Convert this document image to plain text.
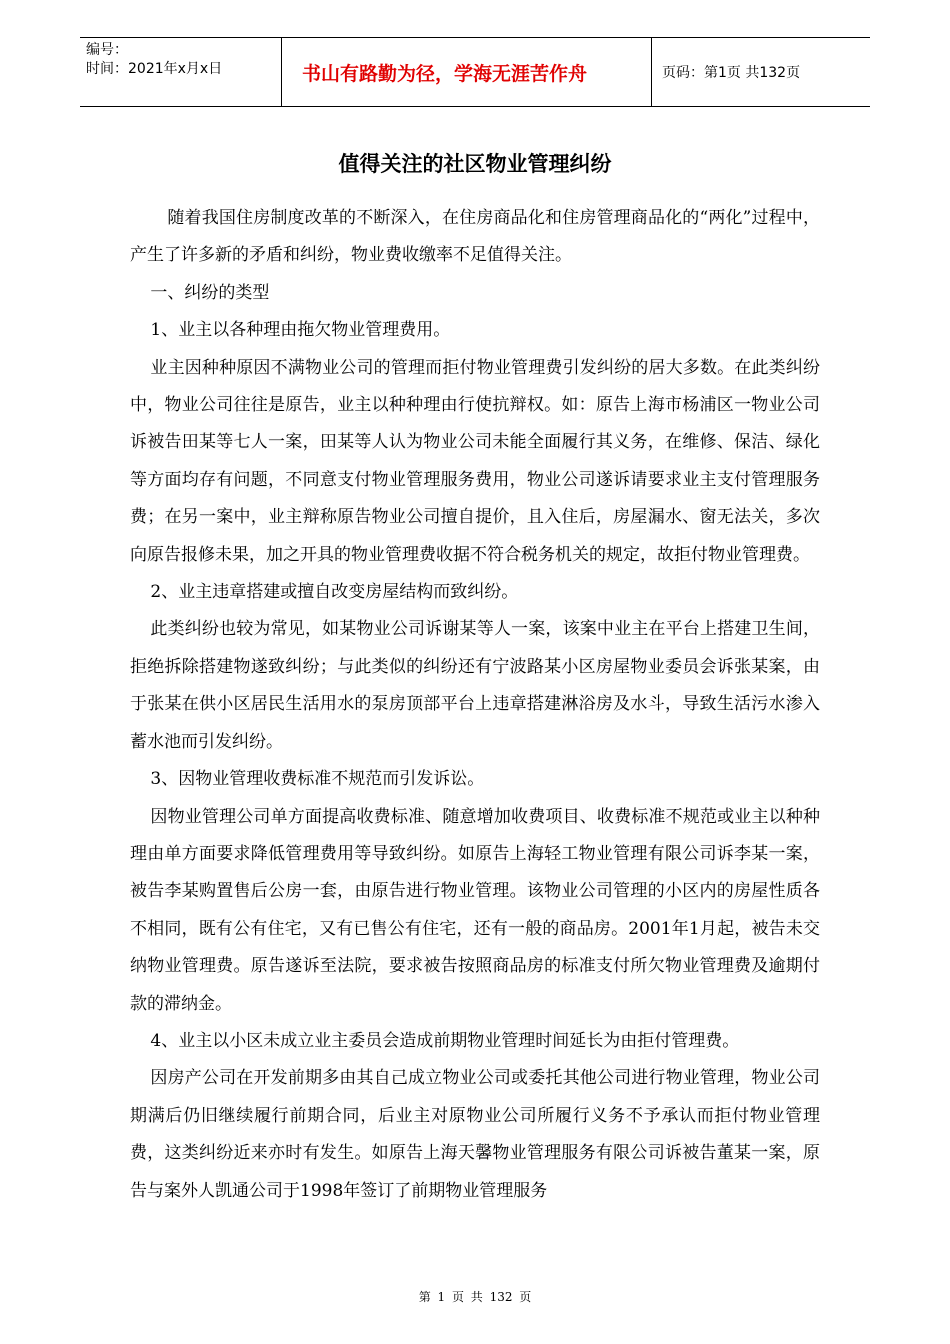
编号：
时间：2021年x月x日	书山有路勤为径，学海无涯苦作舟	页码：第1页 共132页
值得关注的社区物业管理纠纷

随着我国住房制度改革的不断深入，在住房商品化和住房管理商品化的“两化”过程中，产生了许多新的矛盾和纠纷，物业费收缴率不足值得关注。

一、纠纷的类型

1、业主以各种理由拖欠物业管理费用。

业主因种种原因不满物业公司的管理而拒付物业管理费引发纠纷的居大多数。在此类纠纷中，物业公司往往是原告，业主以种种理由行使抗辩权。如：原告上海市杨浦区一物业公司诉被告田某等七人一案，田某等人认为物业公司未能全面履行其义务，在维修、保洁、绿化等方面均存有问题，不同意支付物业管理服务费用，物业公司遂诉请要求业主支付管理服务费；在另一案中，业主辩称原告物业公司擅自提价，且入住后，房屋漏水、窗无法关，多次向原告报修未果，加之开具的物业管理费收据不符合税务机关的规定，故拒付物业管理费。

2、业主违章搭建或擅自改变房屋结构而致纠纷。

此类纠纷也较为常见，如某物业公司诉谢某等人一案，该案中业主在平台上搭建卫生间，拒绝拆除搭建物遂致纠纷；与此类似的纠纷还有宁波路某小区房屋物业委员会诉张某案，由于张某在供小区居民生活用水的泵房顶部平台上违章搭建淋浴房及水斗，导致生活污水渗入蓄水池而引发纠纷。

3、因物业管理收费标准不规范而引发诉讼。

因物业管理公司单方面提高收费标准、随意增加收费项目、收费标准不规范或业主以种种理由单方面要求降低管理费用等导致纠纷。如原告上海轻工物业管理有限公司诉李某一案，被告李某购置售后公房一套，由原告进行物业管理。该物业公司管理的小区内的房屋性质各不相同，既有公有住宅，又有已售公有住宅，还有一般的商品房。2001年1月起，被告未交纳物业管理费。原告遂诉至法院，要求被告按照商品房的标准支付所欠物业管理费及逾期付款的滞纳金。

4、业主以小区未成立业主委员会造成前期物业管理时间延长为由拒付管理费。

因房产公司在开发前期多由其自己成立物业公司或委托其他公司进行物业管理，物业公司期满后仍旧继续履行前期合同，后业主对原物业公司所履行义务不予承认而拒付物业管理费，这类纠纷近来亦时有发生。如原告上海天馨物业管理服务有限公司诉被告董某一案，原告与案外人凯通公司于1998年签订了前期物业管理服务

第 1 页 共 132 页
